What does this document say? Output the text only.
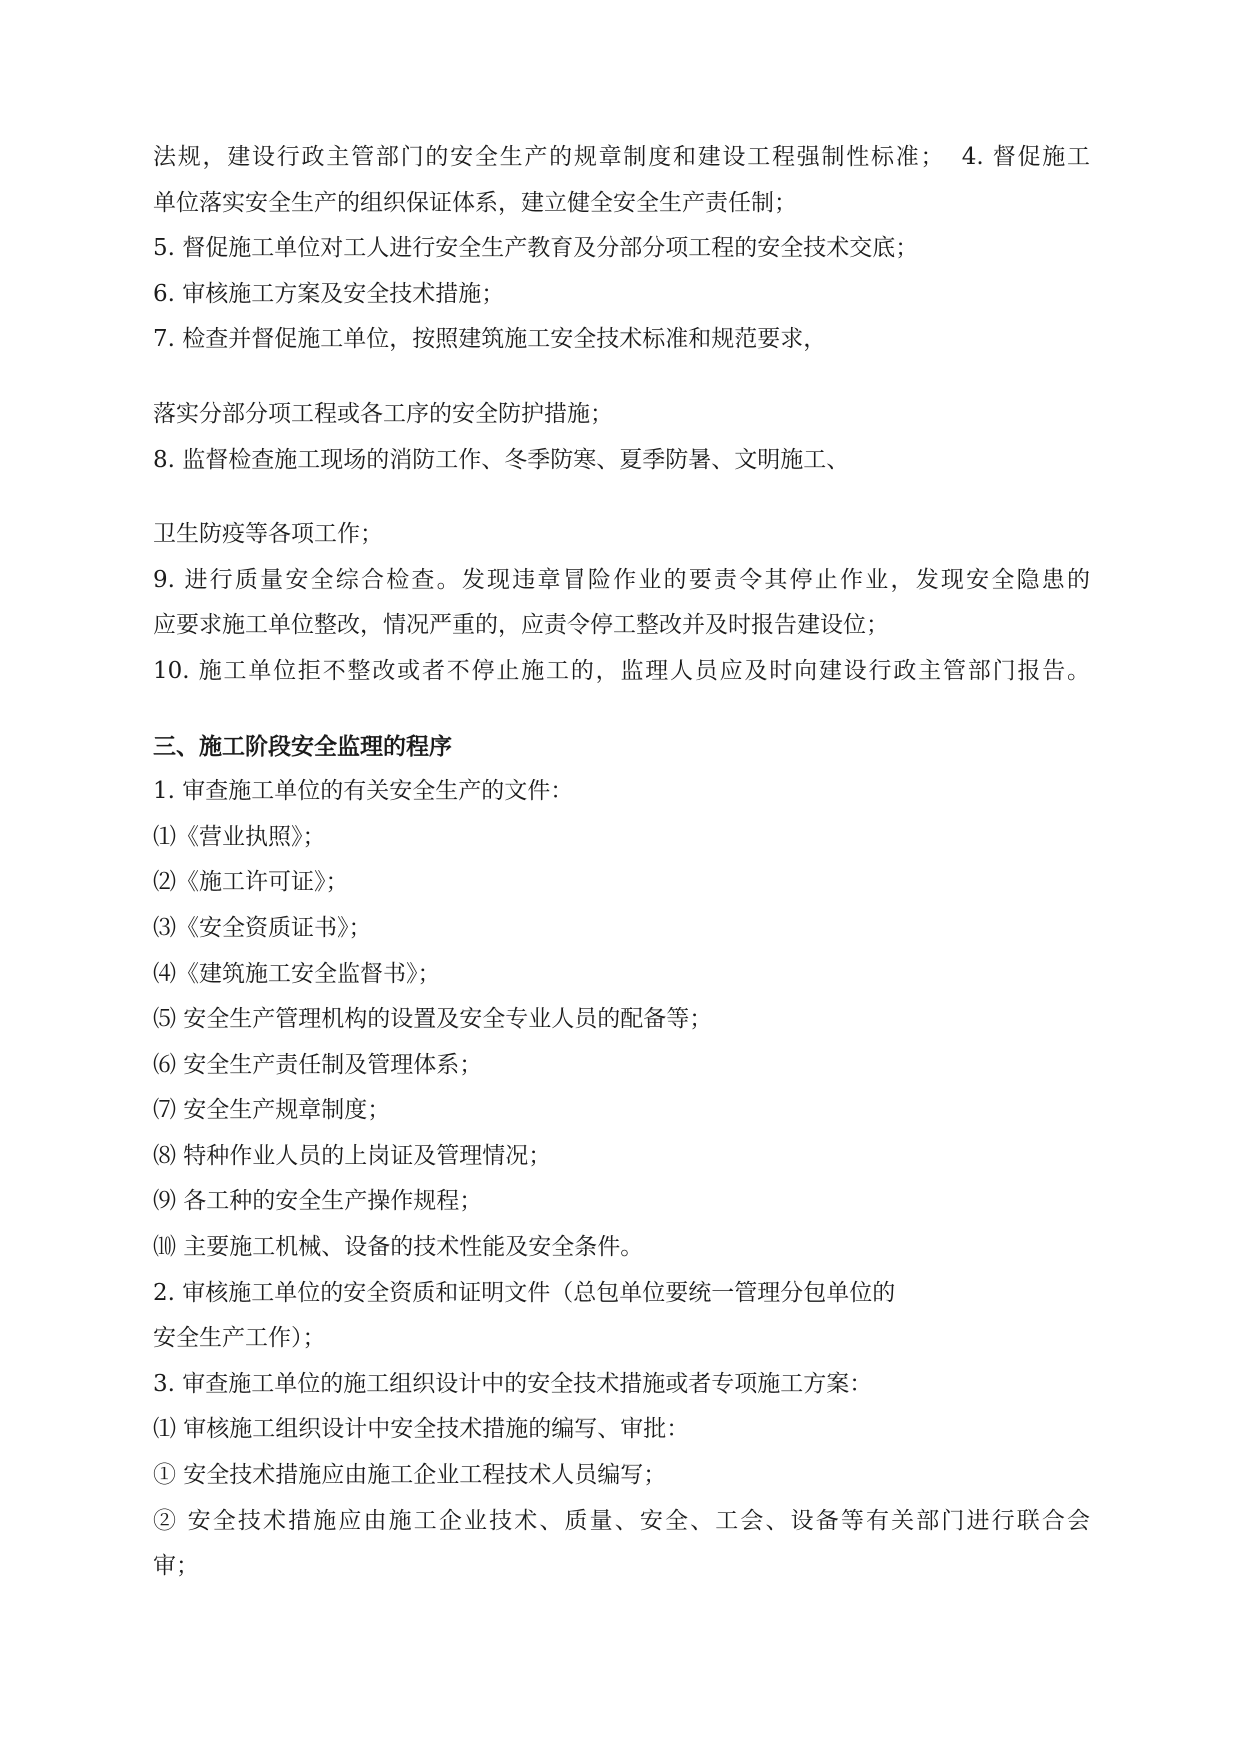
法规，建设行政主管部门的安全生产的规章制度和建设工程强制性标准；  4. 督促施工
单位落实安全生产的组织保证体系，建立健全安全生产责任制；
5. 督促施工单位对工人进行安全生产教育及分部分项工程的安全技术交底；
6. 审核施工方案及安全技术措施；
7. 检查并督促施工单位，按照建筑施工安全技术标准和规范要求，
落实分部分项工程或各工序的安全防护措施；
8. 监督检查施工现场的消防工作、冬季防寒、夏季防暑、文明施工、
卫生防疫等各项工作；
9. 进行质量安全综合检查。发现违章冒险作业的要责令其停止作业，发现安全隐患的
应要求施工单位整改，情况严重的，应责令停工整改并及时报告建设位；
10. 施工单位拒不整改或者不停止施工的，监理人员应及时向建设行政主管部门报告。
三、施工阶段安全监理的程序
1. 审查施工单位的有关安全生产的文件：
⑴《营业执照》；
⑵《施工许可证》；
⑶《安全资质证书》；
⑷《建筑施工安全监督书》；
⑸ 安全生产管理机构的设置及安全专业人员的配备等；
⑹ 安全生产责任制及管理体系；
⑺ 安全生产规章制度；
⑻ 特种作业人员的上岗证及管理情况；
⑼ 各工种的安全生产操作规程；
⑽ 主要施工机械、设备的技术性能及安全条件。
2. 审核施工单位的安全资质和证明文件（总包单位要统一管理分包单位的
安全生产工作）；
3. 审查施工单位的施工组织设计中的安全技术措施或者专项施工方案：
⑴ 审核施工组织设计中安全技术措施的编写、审批：
① 安全技术措施应由施工企业工程技术人员编写；
② 安全技术措施应由施工企业技术、质量、安全、工会、设备等有关部门进行联合会
审；
